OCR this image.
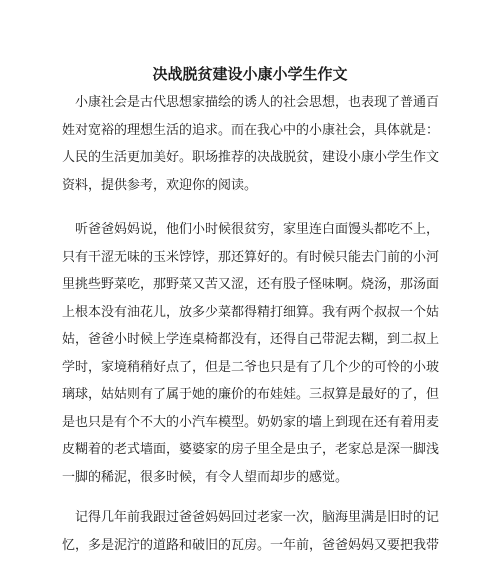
决战脱贫建设小康小学生作文
　小康社会是古代思想家描绘的诱人的社会思想，也表现了普通百
姓对宽裕的理想生活的追求。而在我心中的小康社会，具体就是：
人民的生活更加美好。职场推荐的决战脱贫，建设小康小学生作文
资料，提供参考，欢迎你的阅读。
　听爸爸妈妈说，他们小时候很贫穷，家里连白面馒头都吃不上，
只有干涩无味的玉米饽饽，那还算好的。有时候只能去门前的小河
里挑些野菜吃，那野菜又苦又涩，还有股子怪味啊。烧汤，那汤面
上根本没有油花儿，放多少菜都得精打细算。我有两个叔叔一个姑
姑，爸爸小时候上学连桌椅都没有，还得自己带泥去糊，到二叔上
学时，家境稍稍好点了，但是二爷也只是有了几个少的可怜的小玻
璃球，姑姑则有了属于她的廉价的布娃娃。三叔算是最好的了，但
是也只是有个不大的小汽车模型。奶奶家的墙上到现在还有着用麦
皮糊着的老式墙面，婆婆家的房子里全是虫子，老家总是深一脚浅
一脚的稀泥，很多时候，有令人望而却步的感觉。
　记得几年前我跟过爸爸妈妈回过老家一次，脑海里满是旧时的记
忆，多是泥泞的道路和破旧的瓦房。一年前，爸爸妈妈又要把我带
